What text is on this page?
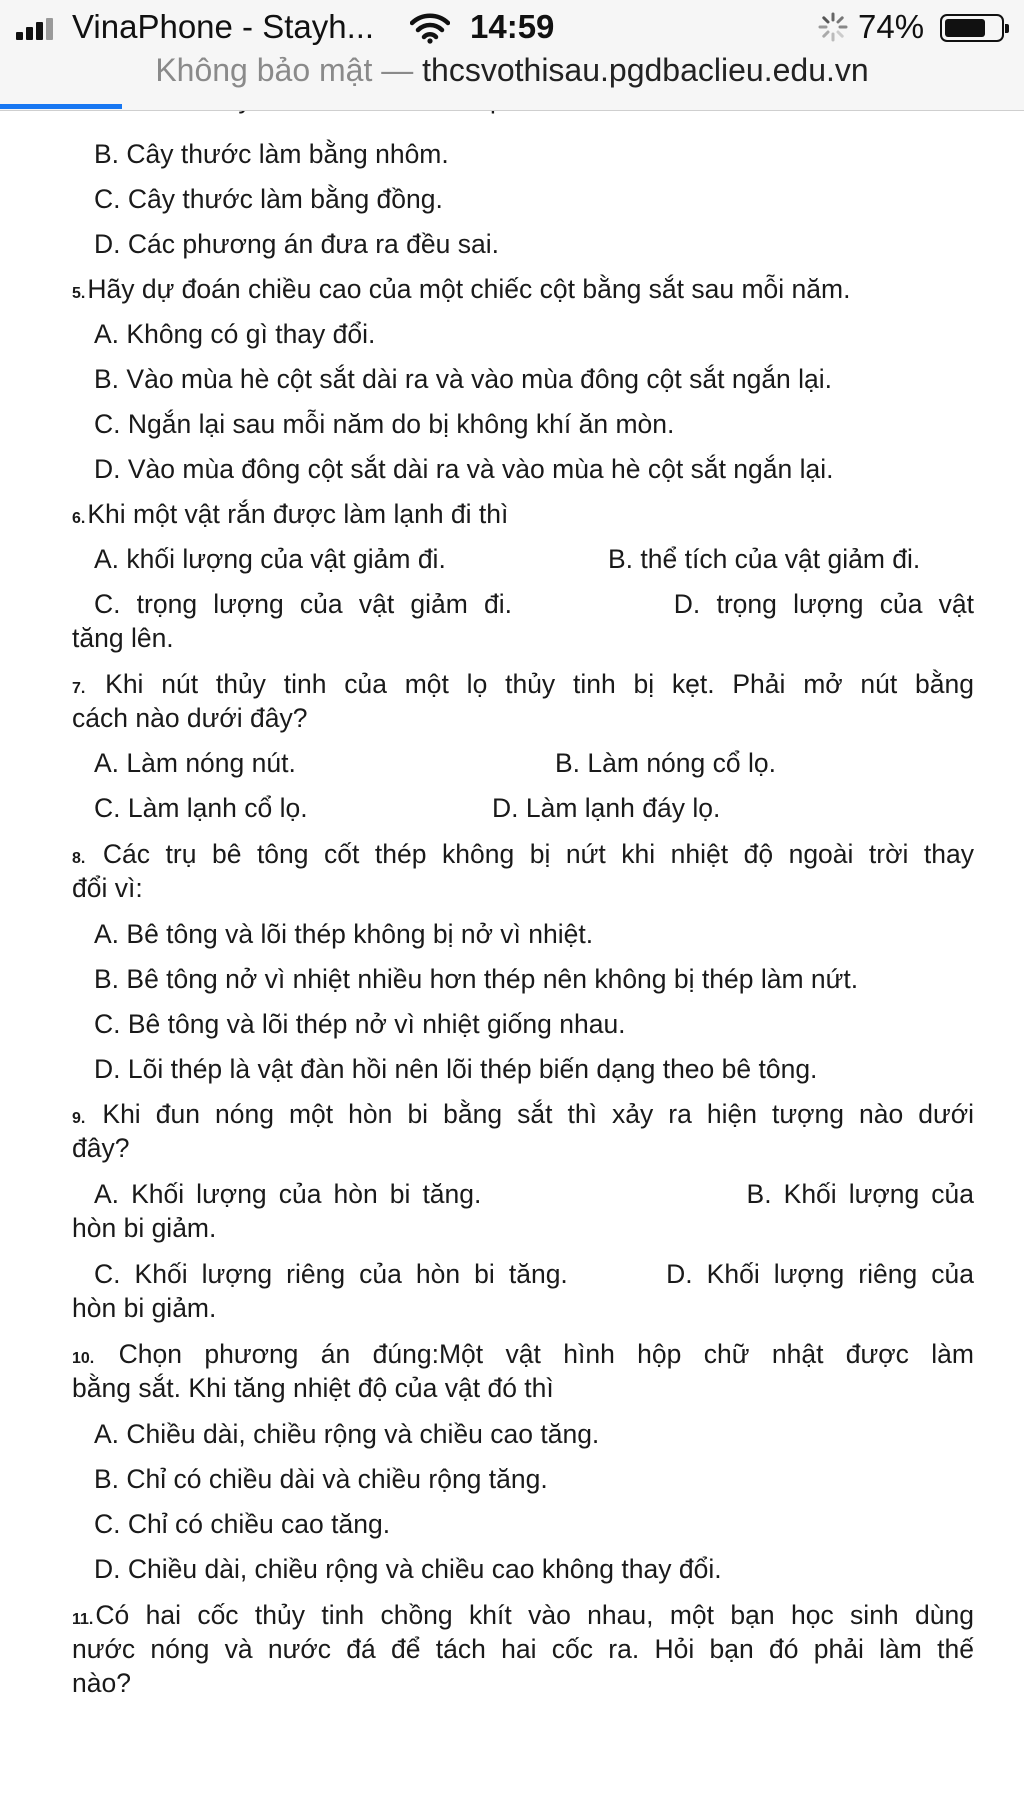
VinaPhone - Stayh...	14:59	74%
Không bảo mật — thcsvothisau.pgdbaclieu.edu.vn
B. Cây thước làm bằng nhôm.
C. Cây thước làm bằng đồng.
D. Các phương án đưa ra đều sai.
5.Hãy dự đoán chiều cao của một chiếc cột bằng sắt sau mỗi năm.
A. Không có gì thay đổi.
B. Vào mùa hè cột sắt dài ra và vào mùa đông cột sắt ngắn lại.
C. Ngắn lại sau mỗi năm do bị không khí ăn mòn.
D. Vào mùa đông cột sắt dài ra và vào mùa hè cột sắt ngắn lại.
6.Khi một vật rắn được làm lạnh đi thì
A. khối lượng của vật giảm đi.	B. thể tích của vật giảm đi.
C. trọng lượng của vật giảm đi.          D. trọng lượng của vật
tăng lên.
7. Khi nút thủy tinh của một lọ thủy tinh bị kẹt. Phải mở nút bằng
cách nào dưới đây?
A. Làm nóng nút.	B. Làm nóng cổ lọ.
C. Làm lạnh cổ lọ.	D. Làm lạnh đáy lọ.
8. Các trụ bê tông cốt thép không bị nứt khi nhiệt độ ngoài trời thay
đổi vì:
A. Bê tông và lõi thép không bị nở vì nhiệt.
B. Bê tông nở vì nhiệt nhiều hơn thép nên không bị thép làm nứt.
C. Bê tông và lõi thép nở vì nhiệt giống nhau.
D. Lõi thép là vật đàn hồi nên lõi thép biến dạng theo bê tông.
9. Khi đun nóng một hòn bi bằng sắt thì xảy ra hiện tượng nào dưới
đây?
A. Khối lượng của hòn bi tăng.                      B. Khối lượng của
hòn bi giảm.
C. Khối lượng riêng của hòn bi tăng.       D. Khối lượng riêng của
hòn bi giảm.
10. Chọn phương án đúng:Một vật hình hộp chữ nhật được làm
bằng sắt. Khi tăng nhiệt độ của vật đó thì
A. Chiều dài, chiều rộng và chiều cao tăng.
B. Chỉ có chiều dài và chiều rộng tăng.
C. Chỉ có chiều cao tăng.
D. Chiều dài, chiều rộng và chiều cao không thay đổi.
11.Có hai cốc thủy tinh chồng khít vào nhau, một bạn học sinh dùng
nước nóng và nước đá để tách hai cốc ra. Hỏi bạn đó phải làm thế
nào?
